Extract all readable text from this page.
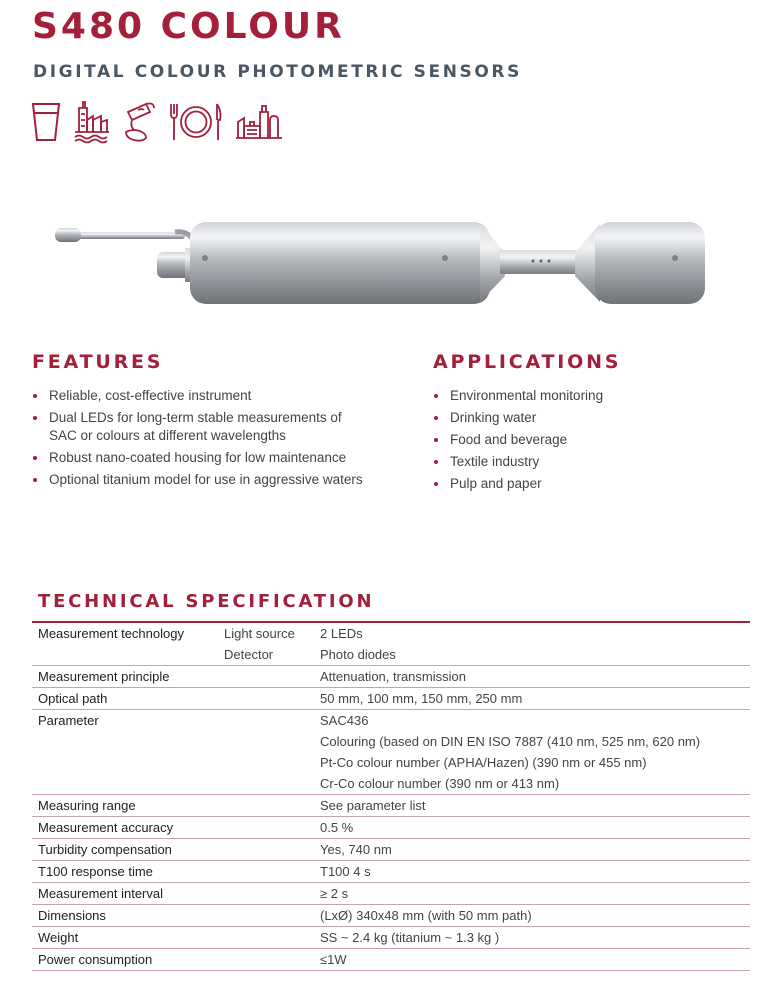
S480 COLOUR
DIGITAL COLOUR PHOTOMETRIC SENSORS
FEATURES
Reliable, cost-effective instrument
Dual LEDs for long-term stable measurements of
SAC or colours at different wavelengths
Robust nano-coated housing for low maintenance
Optional titanium model for use in aggressive waters
APPLICATIONS
Environmental monitoring
Drinking water
Food and beverage
Textile industry
Pulp and paper
TECHNICAL SPECIFICATION
Measurement technology	Light source	2 LEDs
	Detector	Photo diodes
Measurement principle		Attenuation, transmission
Optical path		50 mm, 100 mm, 150 mm, 250 mm
Parameter		SAC436
		Colouring (based on DIN EN ISO 7887 (410 nm, 525 nm, 620 nm)
		Pt-Co colour number (APHA/Hazen) (390 nm or 455 nm)
		Cr-Co colour number (390 nm or 413 nm)
Measuring range		See parameter list
Measurement accuracy		0.5 %
Turbidity compensation		Yes, 740 nm
T100 response time		T100 4 s
Measurement interval		≥ 2 s
Dimensions		(LxØ) 340x48 mm (with 50 mm path)
Weight		SS ~ 2.4 kg (titanium ~ 1.3 kg )
Power consumption		≤1W
